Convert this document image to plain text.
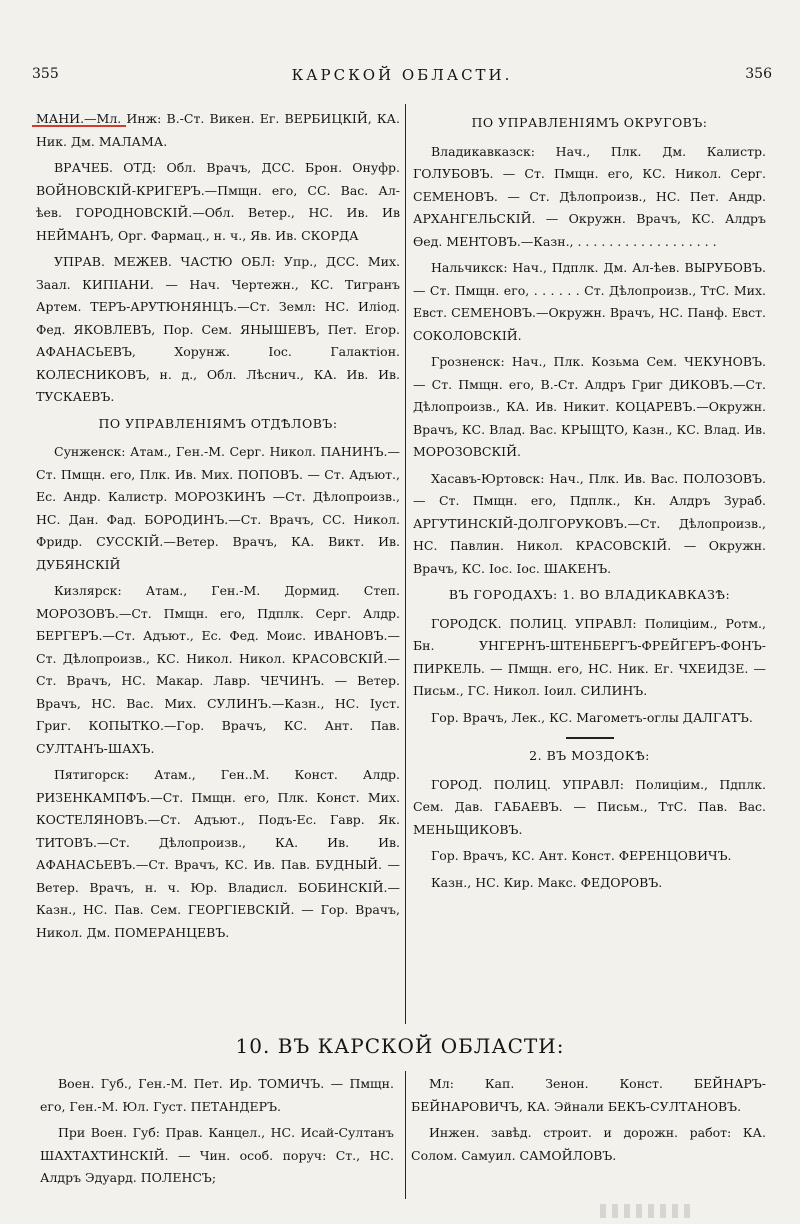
355	КАРСКОЙ ОБЛАСТИ.	356

МАНИ.—Мл. Инж: В.-Ст. Викен. Ег. ВЕРБИЦКІЙ, КА. Ник. Дм. МАЛАМА.

ВРАЧЕБ. ОТД: Обл. Врачъ, ДСС. Брон. Онуфр. ВОЙНОВСКІЙ-КРИГЕРЪ.—Пмщн. его, СС. Вас. Ал-ѣев. ГОРОДНОВСКІЙ.—Обл. Ветер., НС. Ив. Ив НЕЙМАНЪ, Орг. Фармац., н. ч., Яв. Ив. СКОРДА

УПРАВ. МЕЖЕВ. ЧАСТЮ ОБЛ: Упр., ДСС. Мих. Заал. КИПІАНИ. — Нач. Чертежн., КС. Тигранъ Артем. ТЕРЪ-АРУТЮНЯНЦЪ.—Ст. Земл: НС. Иліод. Фед. ЯКОВЛЕВЪ, Пор. Сем. ЯНЫШЕВЪ, Пет. Егор. АФАНАСЬЕВЪ, Хорунж. Іос. Галактіон. КОЛЕСНИКОВЪ, н. д., Обл. Лѣснич., КА. Ив. Ив. ТУСКАЕВЪ.

ПО УПРАВЛЕНІЯМЪ ОТДѢЛОВЪ:

Сунженск: Атам., Ген.-М. Серг. Никол. ПАНИНЪ.—Ст. Пмщн. его, Плк. Ив. Мих. ПОПОВЪ. — Ст. Адъют., Ес. Андр. Калистр. МОРОЗКИНЪ —Ст. Дѣлопроизв., НС. Дан. Фад. БОРОДИНЪ.—Ст. Врачъ, СС. Никол. Фридр. СУССКІЙ.—Ветер. Врачъ, КА. Викт. Ив. ДУБЯНСКІЙ

Кизлярск: Атам., Ген.-М. Дормид. Степ. МОРОЗОВЪ.—Ст. Пмщн. его, Пдплк. Серг. Алдр. БЕРГЕРЪ.—Ст. Адъют., Ес. Фед. Моис. ИВАНОВЪ.—Ст. Дѣлопроизв., КС. Никол. Никол. КРАСОВСКІЙ.—Ст. Врачъ, НС. Макар. Лавр. ЧЕЧИНЪ. — Ветер. Врачъ, НС. Вас. Мих. СУЛИНЪ.—Казн., НС. Іуст. Григ. КОПЫТКО.—Гор. Врачъ, КС. Ант. Пав. СУЛТАНЪ-ШАХЪ.

Пятигорск: Атам., Ген..М. Конст. Алдр. РИЗЕНКАМПФЪ.—Ст. Пмщн. его, Плк. Конст. Мих. КОСТЕЛЯНОВЪ.—Ст. Адъют., Подъ-Ес. Гавр. Як. ТИТОВЪ.—Ст. Дѣлопроизв., КА. Ив. Ив. АФАНАСЬЕВЪ.—Ст. Врачъ, КС. Ив. Пав. БУДНЫЙ. — Ветер. Врачъ, н. ч. Юр. Владисл. БОБИНСКІЙ.—Казн., НС. Пав. Сем. ГЕОРГІЕВСКІЙ. — Гор. Врачъ, Никол. Дм. ПОМЕРАНЦЕВЪ.

ПО УПРАВЛЕНІЯМЪ ОКРУГОВЪ:

Владикавказск: Нач., Плк. Дм. Калистр. ГОЛУБОВЪ. — Ст. Пмщн. его, КС. Никол. Серг. СЕМЕНОВЪ. — Ст. Дѣлопроизв., НС. Пет. Андр. АРХАНГЕЛЬСКІЙ. — Окружн. Врачъ, КС. Алдръ Ѳед. МЕНТОВЪ.—Казн., . . . . . . . . . . . . . . . . . .

Нальчикск: Нач., Пдплк. Дм. Ал-ѣев. ВЫРУБОВЪ. — Ст. Пмщн. его, . . . . . . Ст. Дѣлопроизв., ТтС. Мих. Евст. СЕМЕНОВЪ.—Окружн. Врачъ, НС. Панф. Евст. СОКОЛОВСКІЙ.

Грозненск: Нач., Плк. Козьма Сем. ЧЕКУНОВЪ. — Ст. Пмщн. его, В.-Ст. Алдръ Григ ДИКОВЪ.—Ст. Дѣлопроизв., КА. Ив. Никит. КОЦАРЕВЪ.—Окружн. Врачъ, КС. Влад. Вас. КРЫЩТО, Казн., КС. Влад. Ив. МОРОЗОВСКІЙ.

Хасавъ-Юртовск: Нач., Плк. Ив. Вас. ПОЛОЗОВЪ. — Ст. Пмщн. его, Пдплк., Кн. Алдръ Зураб. АРГУТИНСКІЙ-ДОЛГОРУКОВЪ.—Ст. Дѣлопроизв., НС. Павлин. Никол. КРАСОВСКІЙ. — Окружн. Врачъ, КС. Іос. Іос. ШАКЕНЪ.

ВЪ ГОРОДАХЪ: 1. ВО ВЛАДИКАВКАЗѢ:

ГОРОДСК. ПОЛИЦ. УПРАВЛ: Полиціим., Ротм., Бн. УНГЕРНЪ-ШТЕНБЕРГЪ-ФРЕЙГЕРЪ-ФОНЪ-ПИРКЕЛЬ. — Пмщн. его, НС. Ник. Ег. ЧХЕИДЗЕ. — Письм., ГС. Никол. Іоил. СИЛИНЪ.

Гор. Врачъ, Лек., КС. Магометъ-оглы ДАЛГАТЪ.

2. ВЪ МОЗДОКѢ:

ГОРОД. ПОЛИЦ. УПРАВЛ: Полиціим., Пдплк. Сем. Дав. ГАБАЕВЪ. — Письм., ТтС. Пав. Вас. МЕНЬЩИКОВЪ.

Гор. Врачъ, КС. Ант. Конст. ФЕРЕНЦОВИЧЪ.

Казн., НС. Кир. Макс. ФЕДОРОВЪ.

10. ВЪ КАРСКОЙ ОБЛАСТИ:

Воен. Губ., Ген.-М. Пет. Ир. ТОМИЧЪ. — Пмщн. его, Ген.-М. Юл. Густ. ПЕТАНДЕРЪ.

При Воен. Губ: Прав. Канцел., НС. Исай-Султанъ ШАХТАХТИНСКІЙ. — Чин. особ. поруч: Ст., НС. Алдръ Эдуард. ПОЛЕНСЪ;

Мл: Кап. Зенон. Конст. БЕЙНАРЪ-БЕЙНАРОВИЧЪ, КА. Эйнали БЕКЪ-СУЛТАНОВЪ.

Инжен. завѣд. строит. и дорожн. работ: КА. Солом. Самуил. САМОЙЛОВЪ.
